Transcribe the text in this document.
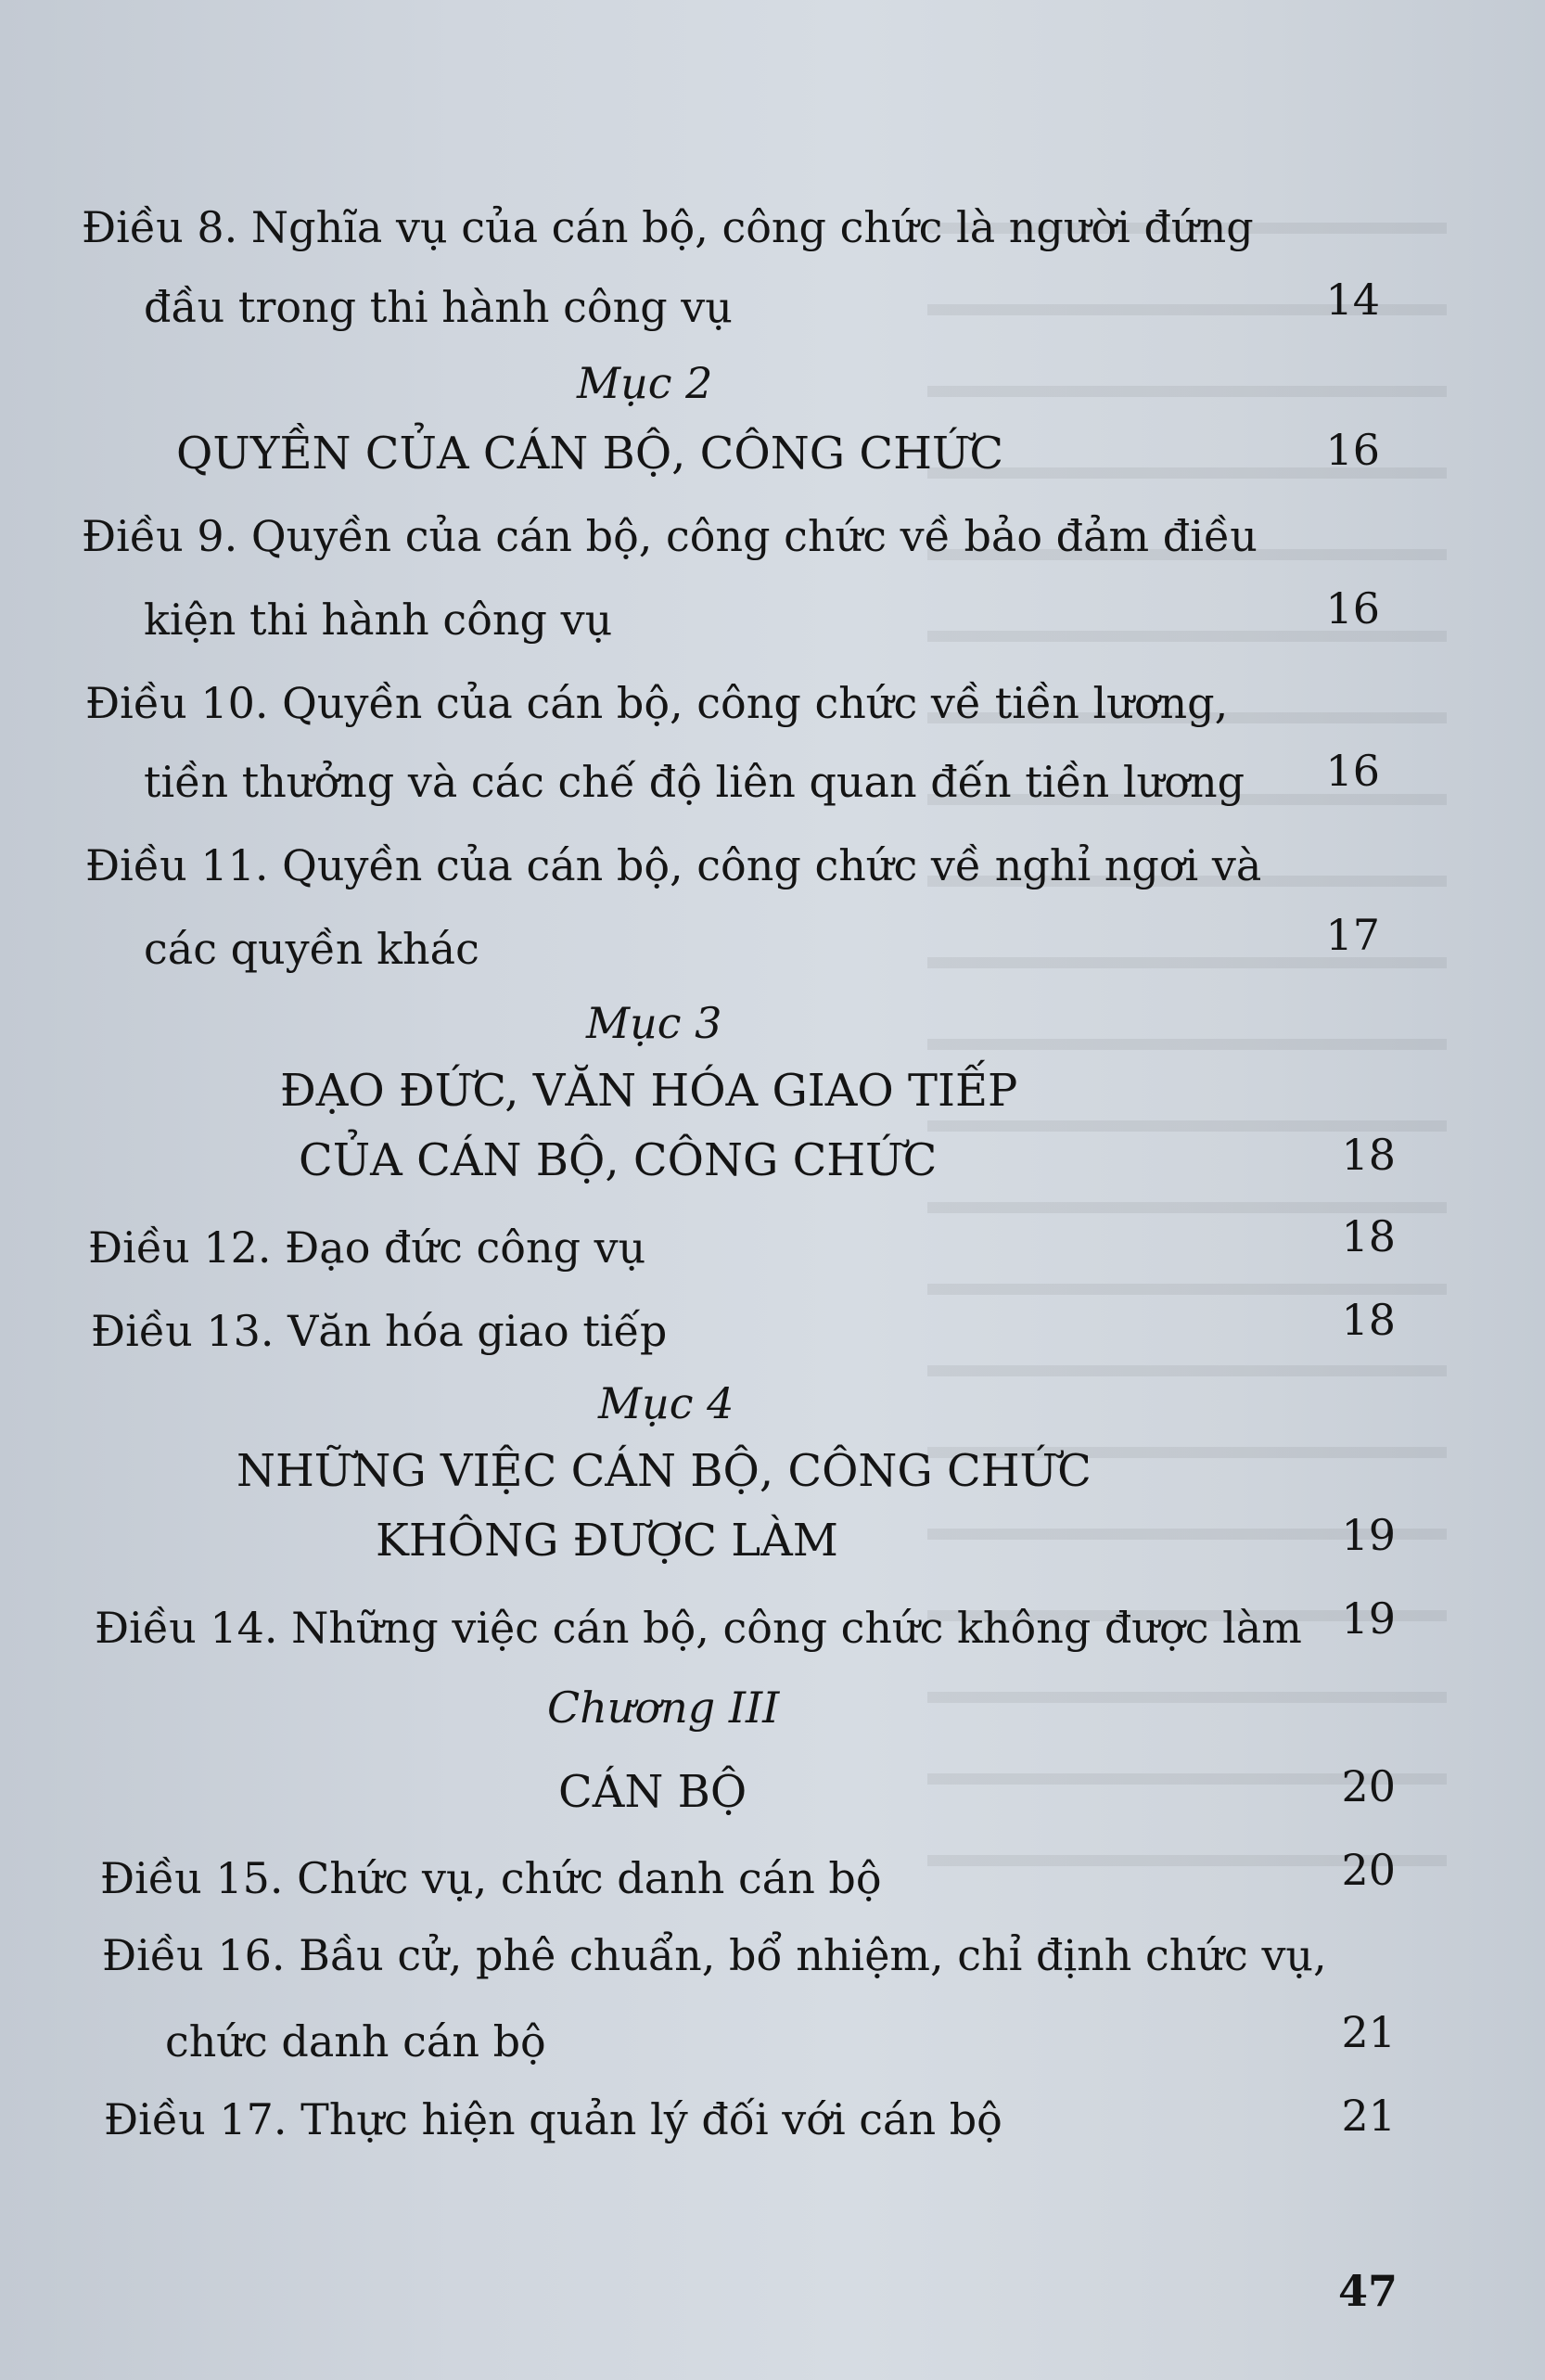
Điều 8. Nghĩa vụ của cán bộ, công chức là người đứng
đầu trong thi hành công vụ	14
Mục 2
QUYỀN CỦA CÁN BỘ, CÔNG CHỨC	16
Điều 9. Quyền của cán bộ, công chức về bảo đảm điều
kiện thi hành công vụ	16
Điều 10. Quyền của cán bộ, công chức về tiền lương,
tiền thưởng và các chế độ liên quan đến tiền lương	16
Điều 11. Quyền của cán bộ, công chức về nghỉ ngơi và
các quyền khác	17
Mục 3
ĐẠO ĐỨC, VĂN HÓA GIAO TIẾP
CỦA CÁN BỘ, CÔNG CHỨC	18
Điều 12. Đạo đức công vụ	18
Điều 13. Văn hóa giao tiếp	18
Mục 4
NHỮNG VIỆC CÁN BỘ, CÔNG CHỨC
KHÔNG ĐƯỢC LÀM	19
Điều 14. Những việc cán bộ, công chức không được làm 19
Chương III
CÁN BỘ	20
Điều 15. Chức vụ, chức danh cán bộ	20
Điều 16. Bầu cử, phê chuẩn, bổ nhiệm, chỉ định chức vụ,
chức danh cán bộ	21
Điều 17. Thực hiện quản lý đối với cán bộ	21
47
